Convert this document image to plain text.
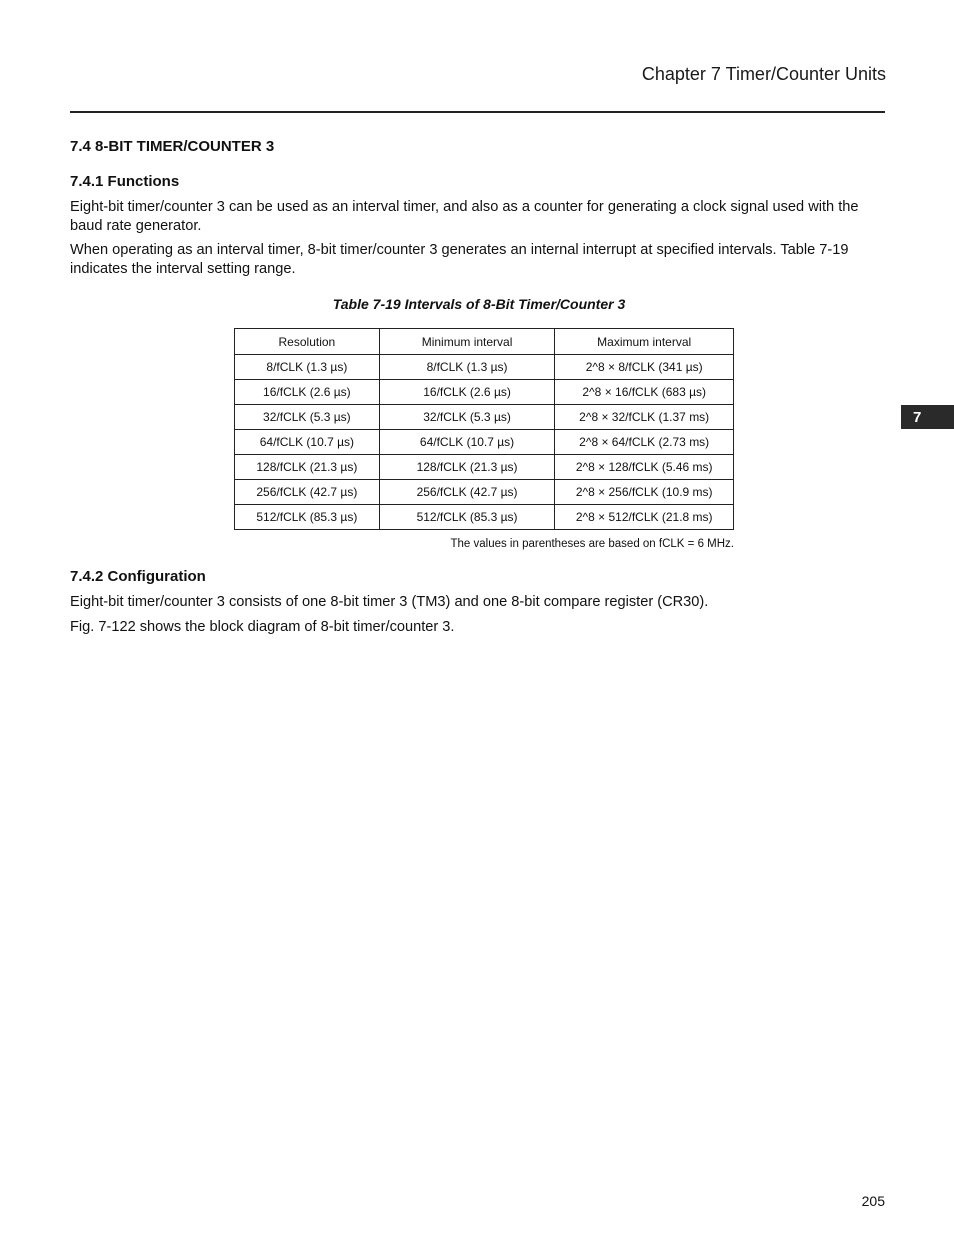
Chapter 7 Timer/Counter Units
7
7.4 8-BIT TIMER/COUNTER 3
7.4.1 Functions

Eight-bit timer/counter 3 can be used as an interval timer, and also as a counter for generating a clock signal used with the baud rate generator.

When operating as an interval timer, 8-bit timer/counter 3 generates an internal interrupt at specified intervals. Table 7-19 indicates the interval setting range.

Table 7-19 Intervals of 8-Bit Timer/Counter 3
Resolution	Minimum interval	Maximum interval
8/fCLK (1.3 µs)	8/fCLK (1.3 µs)	2^8 × 8/fCLK (341 µs)
16/fCLK (2.6 µs)	16/fCLK (2.6 µs)	2^8 × 16/fCLK (683 µs)
32/fCLK (5.3 µs)	32/fCLK (5.3 µs)	2^8 × 32/fCLK (1.37 ms)
64/fCLK (10.7 µs)	64/fCLK (10.7 µs)	2^8 × 64/fCLK (2.73 ms)
128/fCLK (21.3 µs)	128/fCLK (21.3 µs)	2^8 × 128/fCLK (5.46 ms)
256/fCLK (42.7 µs)	256/fCLK (42.7 µs)	2^8 × 256/fCLK (10.9 ms)
512/fCLK (85.3 µs)	512/fCLK (85.3 µs)	2^8 × 512/fCLK (21.8 ms)
The values in parentheses are based on fCLK = 6 MHz.
7.4.2 Configuration

Eight-bit timer/counter 3 consists of one 8-bit timer 3 (TM3) and one 8-bit compare register (CR30).

Fig. 7-122 shows the block diagram of 8-bit timer/counter 3.

205
